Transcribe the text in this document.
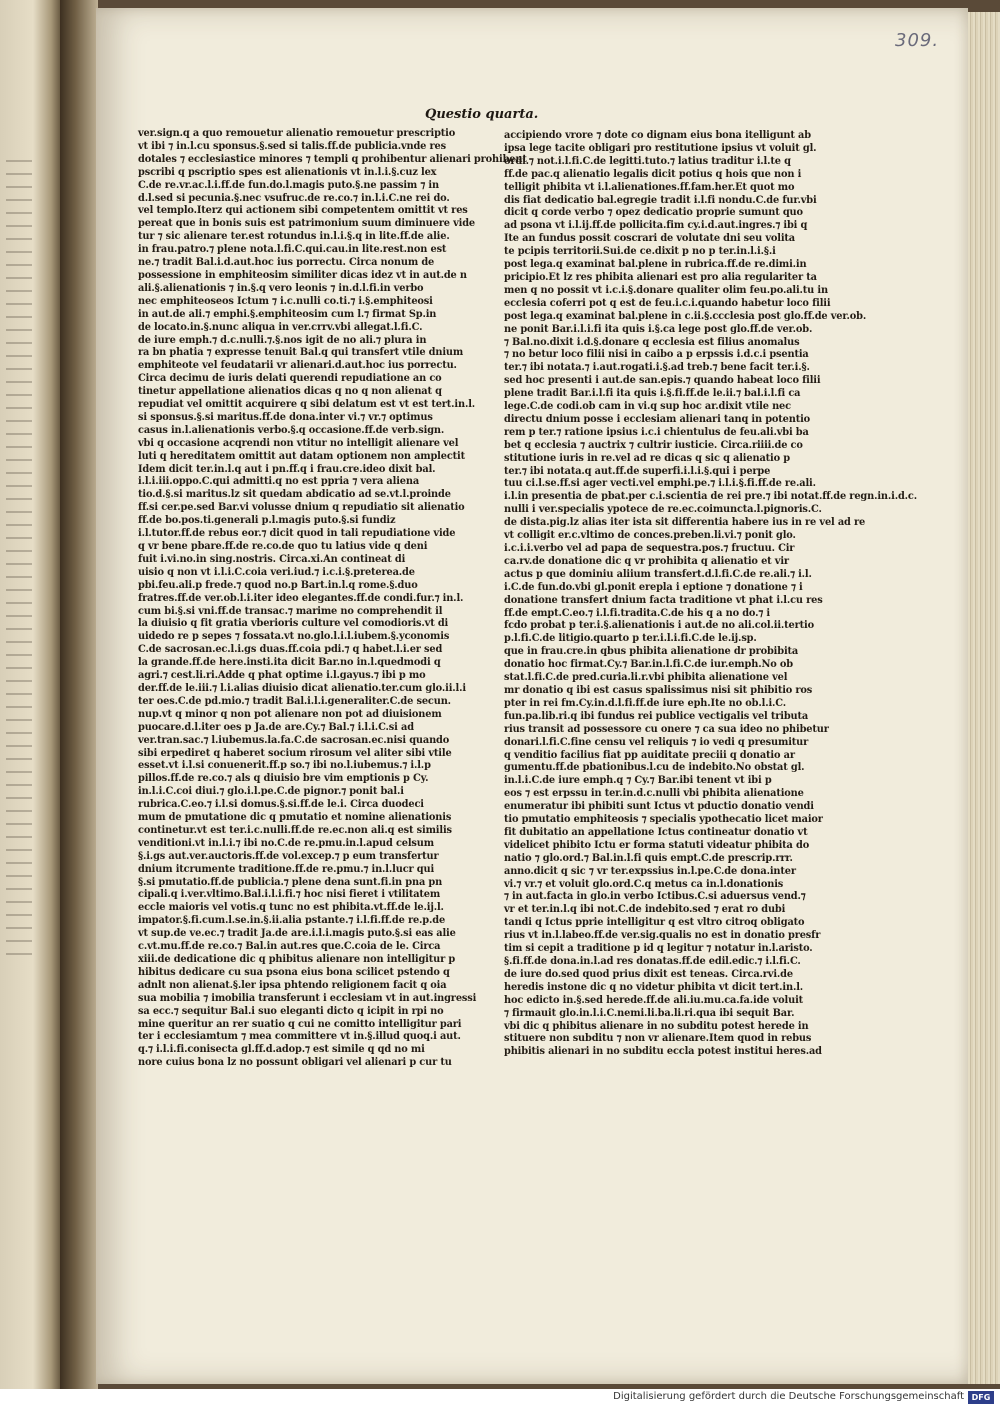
309.
Questio quarta.
ver.sign.q a quo remouetur alienatio remouetur prescriptio
vt ibi ⁊ in.l.cu sponsus.§.sed si talis.ff.de publicia.vnde res
dotales ⁊ ecclesiastice minores ⁊ templi q prohibentur alienari prohibent
pscribi q pscriptio spes est alienationis vt in.l.i.§.cuz lex
C.de re.vr.ac.l.i.ff.de fun.do.l.magis puto.§.ne passim ⁊ in
d.l.sed si pecunia.§.nec vsufruc.de re.co.⁊ in.l.i.C.ne rei do.
vel templo.Iterz qui actionem sibi competentem omittit vt res
pereat que in bonis suis est patrimonium suum diminuere vide
tur ⁊ sic alienare ter.est rotundus in.l.i.§.q in lite.ff.de alie.
in frau.patro.⁊ plene nota.l.fi.C.qui.cau.in lite.rest.non est
ne.⁊ tradit Bal.i.d.aut.hoc ius porrectu. Circa nonum de
possessione in emphiteosim similiter dicas idez vt in aut.de n
ali.§.alienationis ⁊ in.§.q vero leonis ⁊ in.d.l.fi.in verbo
nec emphiteoseos Ictum ⁊ i.c.nulli co.ti.⁊ i.§.emphiteosi
in aut.de ali.⁊ emphi.§.emphiteosim cum l.⁊ firmat Sp.in
de locato.in.§.nunc aliqua in ver.crrv.vbi allegat.l.fi.C.
de iure emph.⁊ d.c.nulli.⁊.§.nos igit de no ali.⁊ plura in
ra bn phatia ⁊ expresse tenuit Bal.q qui transfert vtile dnium
emphiteote vel feudatarii vr alienari.d.aut.hoc ius porrectu.
Circa decimu de iuris delati querendi repudiatione an co
tinetur appellatione alienatios dicas q no q non alienat q
repudiat vel omittit acquirere q sibi delatum est vt est tert.in.l.
si sponsus.§.si maritus.ff.de dona.inter vi.⁊ vr.⁊ optimus
casus in.l.alienationis verbo.§.q occasione.ff.de verb.sign.
vbi q occasione acqrendi non vtitur no intelligit alienare vel
luti q hereditatem omittit aut datam optionem non amplectit
Idem dicit ter.in.l.q aut i pn.ff.q i frau.cre.ideo dixit bal.
i.l.i.iii.oppo.C.qui admitti.q no est ppria ⁊ vera aliena
tio.d.§.si maritus.lz sit quedam abdicatio ad se.vt.l.proinde
ff.si cer.pe.sed Bar.vi volusse dnium q repudiatio sit alienatio
ff.de bo.pos.ti.generali p.l.magis puto.§.si fundiz
i.l.tutor.ff.de rebus eor.⁊ dicit quod in tali repudiatione vide
q vr bene pbare.ff.de re.co.de quo tu latius vide q deni
fuit i.vi.no.in sing.nostris. Circa.xi.An contineat di
uisio q non vt i.l.i.C.coia veri.iud.⁊ i.c.i.§.preterea.de
pbi.feu.ali.p frede.⁊ quod no.p Bart.in.l.q rome.§.duo
fratres.ff.de ver.ob.l.i.iter ideo elegantes.ff.de condi.fur.⁊ in.l.
cum bi.§.si vni.ff.de transac.⁊ marime no comprehendit il
la diuisio q fit gratia vberioris culture vel comodioris.vt di
uidedo re p sepes ⁊ fossata.vt no.glo.l.i.l.iubem.§.yconomis
C.de sacrosan.ec.l.i.gs duas.ff.coia pdi.⁊ q habet.l.i.er sed
la grande.ff.de here.insti.ita dicit Bar.no in.l.quedmodi q
agri.⁊ cest.li.ri.Adde q phat optime i.l.gayus.⁊ ibi p mo
der.ff.de le.iii.⁊ l.i.alias diuisio dicat alienatio.ter.cum glo.ii.l.i
ter oes.C.de pd.mio.⁊ tradit Bal.i.l.i.generaliter.C.de secun.
nup.vt q minor q non pot alienare non pot ad diuisionem
puocare.d.l.iter oes p Ja.de are.Cy.⁊ Bal.⁊ i.l.i.C.si ad
ver.tran.sac.⁊ l.iubemus.la.fa.C.de sacrosan.ec.nisi quando
sibi erpediret q haberet socium rirosum vel aliter sibi vtile
esset.vt i.l.si conuenerit.ff.p so.⁊ ibi no.l.iubemus.⁊ i.l.p
pillos.ff.de re.co.⁊ als q diuisio bre vim emptionis p Cy.
in.l.i.C.coi diui.⁊ glo.i.l.pe.C.de pignor.⁊ ponit bal.i
rubrica.C.eo.⁊ i.l.si domus.§.si.ff.de le.i. Circa duodeci
mum de pmutatione dic q pmutatio et nomine alienationis
continetur.vt est ter.i.c.nulli.ff.de re.ec.non ali.q est similis
venditioni.vt in.l.i.⁊ ibi no.C.de re.pmu.in.l.apud celsum
§.i.gs aut.ver.auctoris.ff.de vol.excep.⁊ p eum transfertur
dnium itcrumente traditione.ff.de re.pmu.⁊ in.l.lucr qui
§.si pmutatio.ff.de publicia.⁊ plene dena sunt.fi.in pna pn
cipali.q i.ver.vltimo.Bal.i.l.i.fi.⁊ hoc nisi fieret i vtilitatem
eccle maioris vel votis.q tunc no est phibita.vt.ff.de le.ij.l.
impator.§.fi.cum.l.se.in.§.ii.alia pstante.⁊ i.l.fi.ff.de re.p.de
vt sup.de ve.ec.⁊ tradit Ja.de are.i.l.i.magis puto.§.si eas alie
c.vt.mu.ff.de re.co.⁊ Bal.in aut.res que.C.coia de le. Circa
xiii.de dedicatione dic q phibitus alienare non intelligitur p
hibitus dedicare cu sua psona eius bona scilicet pstendo q
adnlt non alienat.§.ler ipsa phtendo religionem facit q oia
sua mobilia ⁊ imobilia transferunt i ecclesiam vt in aut.ingressi
sa ecc.⁊ sequitur Bal.i suo eleganti dicto q icipit in rpi no
mine queritur an rer suatio q cui ne comitto intelligitur pari
ter i ecclesiamtum ⁊ mea committere vt in.§.illud quoq.i aut.
q.⁊ i.l.i.fi.conisecta gl.ff.d.adop.⁊ est simile q qd no mi
nore cuius bona lz no possunt obligari vel alienari p cur tu
accipiendo vrore ⁊ dote co dignam eius bona itelligunt ab
ipsa lege tacite obligari pro restitutione ipsius vt voluit gl.
ordi.⁊ not.i.l.fi.C.de legitti.tuto.⁊ latius traditur i.l.te q
ff.de pac.q alienatio legalis dicit potius q hois que non i
telligit phibita vt i.l.alienationes.ff.fam.her.Et quot mo
dis fiat dedicatio bal.egregie tradit i.l.fi nondu.C.de fur.vbi
dicit q corde verbo ⁊ opez dedicatio proprie sumunt quo
ad psona vt i.l.ij.ff.de pollicita.fim cy.i.d.aut.ingres.⁊ ibi q
Ite an fundus possit coscrari de volutate dni seu volita
te pcipis territorii.Sui.de ce.dixit p no p ter.in.l.i.§.i
post lega.q examinat bal.plene in rubrica.ff.de re.dimi.in
pricipio.Et lz res phibita alienari est pro alia regulariter ta
men q no possit vt i.c.i.§.donare qualiter olim feu.po.ali.tu in
ecclesia coferri pot q est de feu.i.c.i.quando habetur loco filii
post lega.q examinat bal.plene in c.ii.§.ccclesia post glo.ff.de ver.ob.
ne ponit Bar.i.l.i.fi ita quis i.§.ca lege post glo.ff.de ver.ob.
⁊ Bal.no.dixit i.d.§.donare q ecclesia est filius anomalus
⁊ no betur loco filii nisi in caibo a p erpssis i.d.c.i psentia
ter.⁊ ibi notata.⁊ i.aut.rogati.i.§.ad treb.⁊ bene facit ter.i.§.
sed hoc presenti i aut.de san.epis.⁊ quando habeat loco filii
plene tradit Bar.i.l.fi ita quis i.§.fi.ff.de le.ii.⁊ bal.i.l.fi ca
lege.C.de codi.ob cam in vi.q sup hoc ar.dixit vtile nec
directu dnium posse i ecclesiam alienari tanq in potentio
rem p ter.⁊ ratione ipsius i.c.i chientulus de feu.ali.vbi ba
bet q ecclesia ⁊ auctrix ⁊ cultrir iusticie. Circa.riiii.de co
stitutione iuris in re.vel ad re dicas q sic q alienatio p
ter.⁊ ibi notata.q aut.ff.de superfi.i.l.i.§.qui i perpe
tuu ci.l.se.ff.si ager vecti.vel emphi.pe.⁊ i.l.i.§.fi.ff.de re.ali.
i.l.in presentia de pbat.per c.i.scientia de rei pre.⁊ ibi notat.ff.de regn.in.i.d.c.
nulli i ver.specialis ypotece de re.ec.coimuncta.l.pignoris.C.
de dista.pig.lz alias iter ista sit differentia habere ius in re vel ad re
vt colligit er.c.vltimo de conces.preben.li.vi.⁊ ponit glo.
i.c.i.i.verbo vel ad papa de sequestra.pos.⁊ fructuu. Cir
ca.rv.de donatione dic q vr prohibita q alienatio et vir
actus p que dominiu aliium transfert.d.l.fi.C.de re.ali.⁊ i.l.
i.C.de fun.do.vbi gl.ponit erepla i eptione ⁊ donatione ⁊ i
donatione transfert dnium facta traditione vt phat i.l.cu res
ff.de empt.C.eo.⁊ i.l.fi.tradita.C.de his q a no do.⁊ i
fcdo probat p ter.i.§.alienationis i aut.de no ali.col.ii.tertio
p.l.fi.C.de litigio.quarto p ter.i.l.i.fi.C.de le.ij.sp.
que in frau.cre.in qbus phibita alienatione dr probibita
donatio hoc firmat.Cy.⁊ Bar.in.l.fi.C.de iur.emph.No ob
stat.l.fi.C.de pred.curia.li.r.vbi phibita alienatione vel
mr donatio q ibi est casus spalissimus nisi sit phibitio ros
pter in rei fm.Cy.in.d.l.fi.ff.de iure eph.Ite no ob.l.i.C.
fun.pa.lib.ri.q ibi fundus rei publice vectigalis vel tributa
rius transit ad possessore cu onere ⁊ ca sua ideo no phibetur
donari.l.fi.C.fine censu vel reliquis ⁊ io vedi q presumitur
q venditio facilius fiat pp auiditate preciii q donatio ar
gumentu.ff.de pbationibus.l.cu de indebito.No obstat gl.
in.l.i.C.de iure emph.q ⁊ Cy.⁊ Bar.ibi tenent vt ibi p
eos ⁊ est erpssu in ter.in.d.c.nulli vbi phibita alienatione
enumeratur ibi phibiti sunt Ictus vt pductio donatio vendi
tio pmutatio emphiteosis ⁊ specialis ypothecatio licet maior
fit dubitatio an appellatione Ictus contineatur donatio vt
videlicet phibito Ictu er forma statuti videatur phibita do
natio ⁊ glo.ord.⁊ Bal.in.l.fi quis empt.C.de prescrip.rrr.
anno.dicit q sic ⁊ vr ter.expssius in.l.pe.C.de dona.inter
vi.⁊ vr.⁊ et voluit glo.ord.C.q metus ca in.l.donationis
⁊ in aut.facta in glo.in verbo Ictibus.C.si aduersus vend.⁊
vr et ter.in.l.q ibi not.C.de indebito.sed ⁊ erat ro dubi
tandi q Ictus pprie intelligitur q est vltro citroq obligato
rius vt in.l.labeo.ff.de ver.sig.qualis no est in donatio presfr
tim si cepit a traditione p id q legitur ⁊ notatur in.l.aristo.
§.fi.ff.de dona.in.l.ad res donatas.ff.de edil.edic.⁊ i.l.fi.C.
de iure do.sed quod prius dixit est teneas. Circa.rvi.de
heredis instone dic q no videtur phibita vt dicit tert.in.l.
hoc edicto in.§.sed herede.ff.de ali.iu.mu.ca.fa.ide voluit
⁊ firmauit glo.in.l.i.C.nemi.li.ba.li.ri.qua ibi sequit Bar.
vbi dic q phibitus alienare in no subditu potest herede in
stituere non subditu ⁊ non vr alienare.Item quod in rebus
phibitis alienari in no subditu eccla potest institui heres.ad
Digitalisierung gefördert durch die Deutsche Forschungsgemeinschaft DFG
